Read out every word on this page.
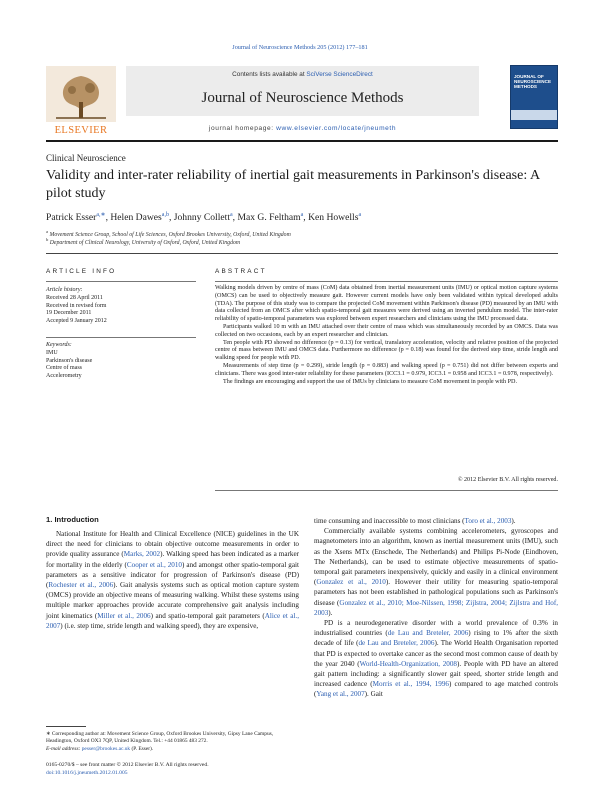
Journal of Neuroscience Methods 205 (2012) 177–181
ELSEVIER
Contents lists available at SciVerse ScienceDirect
Journal of Neuroscience Methods
journal homepage: www.elsevier.com/locate/jneumeth
JOURNAL OF NEUROSCIENCE METHODS
Clinical Neuroscience
Validity and inter-rater reliability of inertial gait measurements in Parkinson's disease: A pilot study
Patrick Esser$^{a,∗}$, Helen Dawes$^{a,b}$, Johnny Collett$^a$, Max G. Feltham$^a$, Ken Howells$^a$
$^a$ Movement Science Group, School of Life Sciences, Oxford Brookes University, Oxford, United Kingdom
$^b$ Department of Clinical Neurology, University of Oxford, Oxford, United Kingdom
ARTICLE INFO
Article history:
Received 28 April 2011
Received in revised form
19 December 2011
Accepted 9 January 2012
Keywords:
IMU
Parkinson's disease
Centre of mass
Accelerometry
ABSTRACT

Walking models driven by centre of mass (CoM) data obtained from inertial measurement units (IMU) or optical motion capture systems (OMCS) can be used to objectively measure gait. However current models have only been validated within typical developed adults (TDA). The purpose of this study was to compare the projected CoM movement within Parkinson's disease (PD) measured by an IMU with data collected from an OMCS after which spatio-temporal gait measures were derived using an inverted pendulum model. The inter-rater reliability of spatio-temporal parameters was explored between expert researchers and clinicians using the IMU processed data.

Participants walked 10 m with an IMU attached over their centre of mass which was simultaneously recorded by an OMCS. Data was collected on two occasions, each by an expert researcher and clinician.

Ten people with PD showed no difference (p = 0.13) for vertical, translatory acceleration, velocity and relative position of the projected centre of mass between IMU and OMCS data. Furthermore no difference (p = 0.18) was found for the derived step time, stride length and walking speed for people with PD.

Measurements of step time (p = 0.299), stride length (p = 0.883) and walking speed (p = 0.751) did not differ between experts and clinicians. There was good inter-rater reliability for these parameters (ICC3.1 = 0.979, ICC3.1 = 0.958 and ICC3.1 = 0.978, respectively).

The findings are encouraging and support the use of IMUs by clinicians to measure CoM movement in people with PD.

© 2012 Elsevier B.V. All rights reserved.
1. Introduction

National Institute for Health and Clinical Excellence (NICE) guidelines in the UK direct the need for clinicians to obtain objective outcome measurements in order to provide quality assurance (Marks, 2002). Walking speed has been indicated as a marker for mortality in the elderly (Cooper et al., 2010) and amongst other spatio-temporal gait parameters as a sensitive indicator for progression of Parkinson's disease (PD) (Rochester et al., 2006). Gait analysis systems such as optical motion capture system (OMCS) provide an objective means of measuring walking. Whilst these systems using multiple marker approaches provide accurate comprehensive gait analysis including joint kinematics (Miller et al., 2006) and spatio-temporal gait parameters (Alice et al., 2007) (i.e. step time, stride length and walking speed), they are expensive,

time consuming and inaccessible to most clinicians (Toro et al., 2003).

Commercially available systems combining accelerometers, gyroscopes and magnetometers into an algorithm, known as inertial measurement units (IMU), such as the Xsens MTx (Enschede, The Netherlands) and Philips Pi-Node (Eindhoven, The Netherlands), can be used to estimate objective measurements of spatio-temporal gait parameters inexpensively, quickly and easily in a clinical environment (Gonzalez et al., 2010). However their utility for measuring spatio-temporal parameters has not been established in pathological populations such as Parkinson's disease (Gonzalez et al., 2010; Moe-Nilssen, 1998; Zijlstra, 2004; Zijlstra and Hof, 2003).

PD is a neurodegenerative disorder with a world prevalence of 0.3% in industrialised countries (de Lau and Breteler, 2006) rising to 1% after the sixth decade of life (de Lau and Breteler, 2006). The World Health Organisation reported that PD is expected to overtake cancer as the second most common cause of death by the year 2040 (World-Health-Organization, 2008). People with PD have an altered gait pattern including: a significantly slower gait speed, shorter stride length and increased cadence (Morris et al., 1994, 1996) compared to age matched controls (Yang et al., 2007). Gait

∗ Corresponding author at: Movement Science Group, Oxford Brookes University, Gipsy Lane Campus, Headington, Oxford OX3 7QP, United Kingdom. Tel.: +44 01865 483 272.
E-mail address: pesser@brookes.ac.uk (P. Esser).
0165-0270/$ – see front matter © 2012 Elsevier B.V. All rights reserved.
doi:10.1016/j.jneumeth.2012.01.005
